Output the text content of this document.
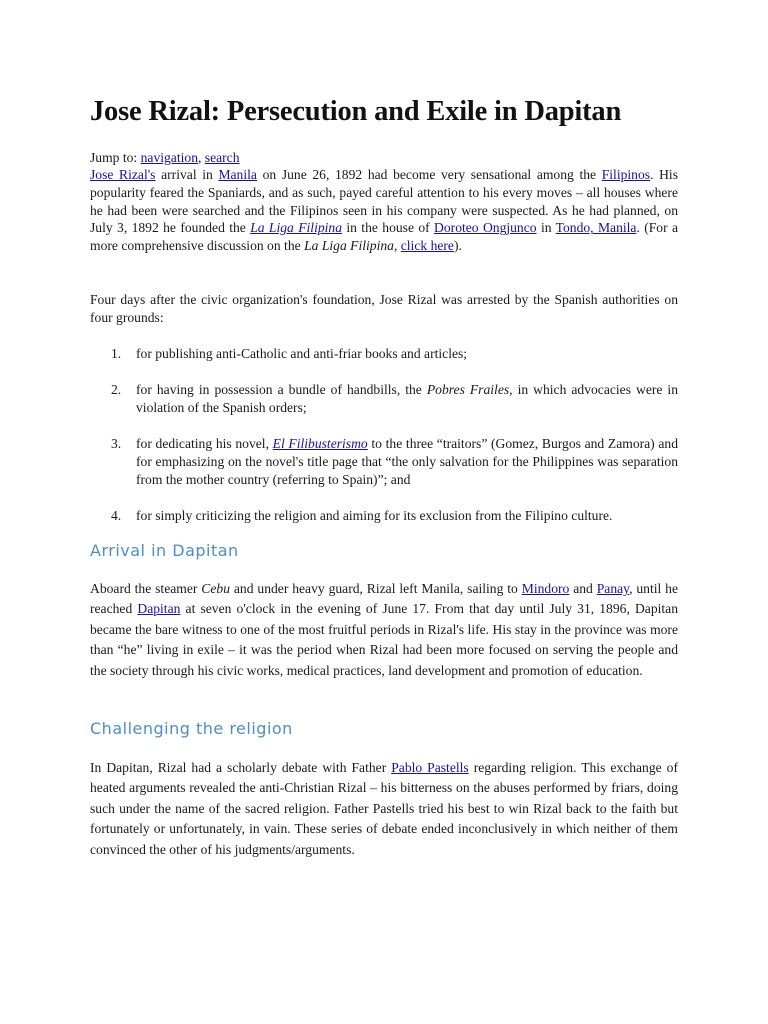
Jose Rizal: Persecution and Exile in Dapitan
Jump to: navigation, search

Jose Rizal's arrival in Manila on June 26, 1892 had become very sensational among the Filipinos. His popularity feared the Spaniards, and as such, payed careful attention to his every moves – all houses where he had been were searched and the Filipinos seen in his company were suspected. As he had planned, on July 3, 1892 he founded the La Liga Filipina in the house of Doroteo Ongjunco in Tondo, Manila. (For a more comprehensive discussion on the La Liga Filipina, click here).

Four days after the civic organization's foundation, Jose Rizal was arrested by the Spanish authorities on four grounds:

1. for publishing anti-Catholic and anti-friar books and articles;
2. for having in possession a bundle of handbills, the Pobres Frailes, in which advocacies were in violation of the Spanish orders;
3. for dedicating his novel, El Filibusterismo to the three “traitors” (Gomez, Burgos and Zamora) and for emphasizing on the novel's title page that “the only salvation for the Philippines was separation from the mother country (referring to Spain)”; and
4. for simply criticizing the religion and aiming for its exclusion from the Filipino culture.
Arrival in Dapitan

Aboard the steamer Cebu and under heavy guard, Rizal left Manila, sailing to Mindoro and Panay, until he reached Dapitan at seven o'clock in the evening of June 17. From that day until July 31, 1896, Dapitan became the bare witness to one of the most fruitful periods in Rizal's life. His stay in the province was more than “he” living in exile – it was the period when Rizal had been more focused on serving the people and the society through his civic works, medical practices, land development and promotion of education.

Challenging the religion

In Dapitan, Rizal had a scholarly debate with Father Pablo Pastells regarding religion. This exchange of heated arguments revealed the anti-Christian Rizal – his bitterness on the abuses performed by friars, doing such under the name of the sacred religion. Father Pastells tried his best to win Rizal back to the faith but fortunately or unfortunately, in vain. These series of debate ended inconclusively in which neither of them convinced the other of his judgments/arguments.
